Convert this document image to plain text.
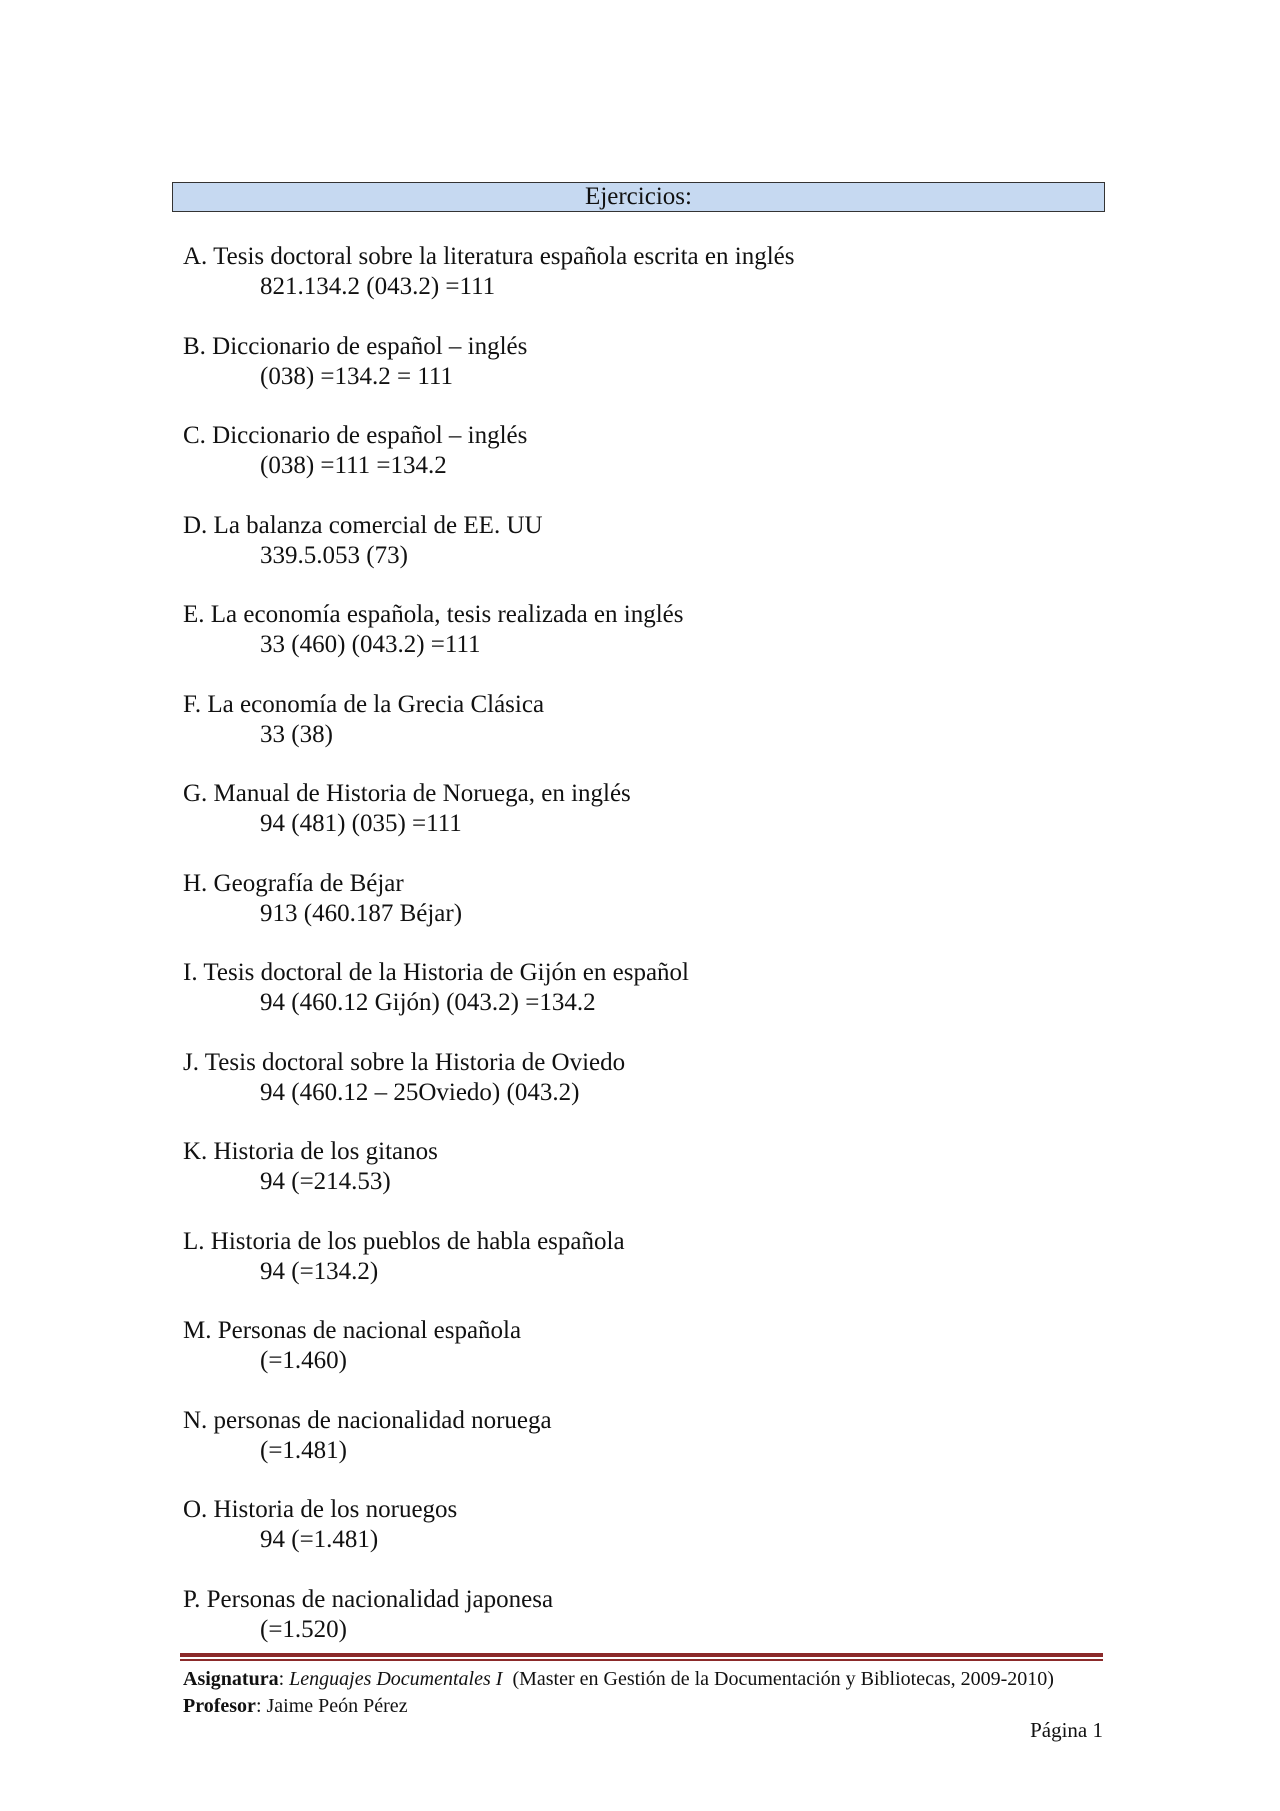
Ejercicios:
A. Tesis doctoral sobre la literatura española escrita en inglés
821.134.2 (043.2) =111
B. Diccionario de español – inglés
(038) =134.2 = 111
C. Diccionario de español – inglés
(038) =111 =134.2
D. La balanza comercial de EE. UU
339.5.053 (73)
E. La economía española, tesis realizada en inglés
33 (460) (043.2) =111
F. La economía de la Grecia Clásica
33 (38)
G. Manual de Historia de Noruega, en inglés
94 (481) (035) =111
H. Geografía de Béjar
913 (460.187 Béjar)
I. Tesis doctoral de la Historia de Gijón en español
94 (460.12 Gijón) (043.2) =134.2
J. Tesis doctoral sobre la Historia de Oviedo
94 (460.12 – 25Oviedo) (043.2)
K. Historia de los gitanos
94 (=214.53)
L. Historia de los pueblos de habla española
94 (=134.2)
M. Personas de nacional española
(=1.460)
N. personas de nacionalidad noruega
(=1.481)
O. Historia de los noruegos
94 (=1.481)
P. Personas de nacionalidad japonesa
(=1.520)
Asignatura: Lenguajes Documentales I  (Master en Gestión de la Documentación y Bibliotecas, 2009-2010) Profesor: Jaime Peón Pérez
Página 1
